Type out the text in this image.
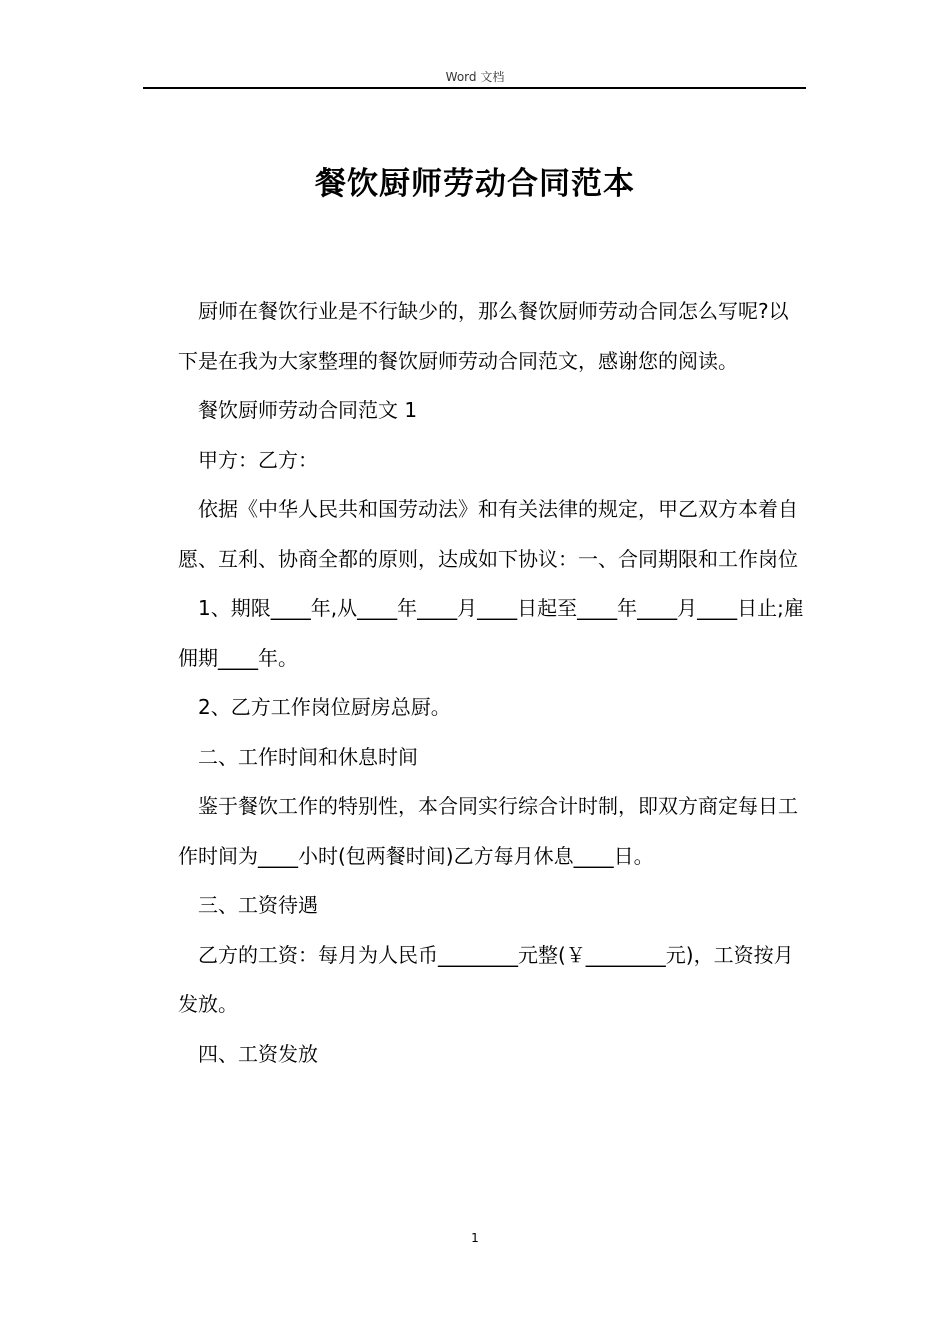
Word 文档
餐饮厨师劳动合同范本

厨师在餐饮行业是不行缺少的，那么餐饮厨师劳动合同怎么写呢?以下是在我为大家整理的餐饮厨师劳动合同范文，感谢您的阅读。

餐饮厨师劳动合同范文 1

甲方：乙方：

依据《中华人民共和国劳动法》和有关法律的规定，甲乙双方本着自愿、互利、协商全都的原则，达成如下协议：一、合同期限和工作岗位

1、期限____年,从____年____月____日起至____年____月____日止;雇佣期____年。

2、乙方工作岗位厨房总厨。

二、工作时间和休息时间

鉴于餐饮工作的特别性，本合同实行综合计时制，即双方商定每日工作时间为____小时(包两餐时间)乙方每月休息____日。

三、工资待遇

乙方的工资：每月为人民币________元整(￥________元)，工资按月发放。

四、工资发放

1
